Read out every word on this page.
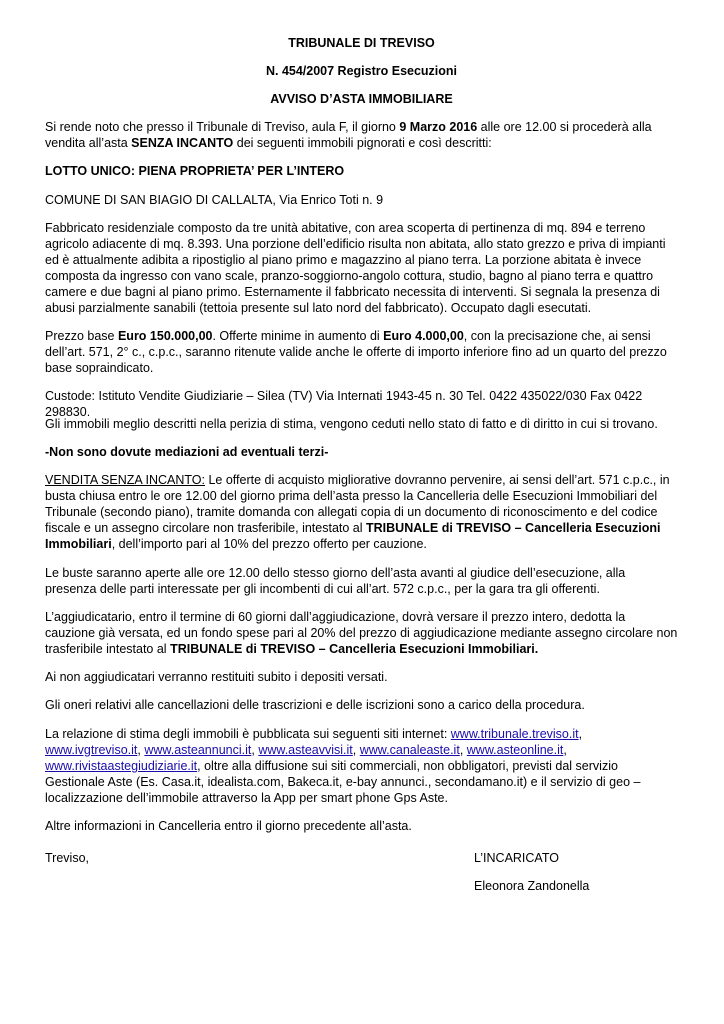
TRIBUNALE DI TREVISO

N. 454/2007 Registro Esecuzioni

AVVISO D’ASTA IMMOBILIARE

Si rende noto che presso il Tribunale di Treviso, aula F, il giorno 9 Marzo 2016 alle ore 12.00 si procederà alla vendita all’asta SENZA INCANTO dei seguenti immobili pignorati e così descritti:

LOTTO UNICO: PIENA PROPRIETA’ PER L’INTERO

COMUNE DI SAN BIAGIO DI CALLALTA, Via Enrico Toti n. 9

Fabbricato residenziale composto da tre unità abitative, con area scoperta di pertinenza di mq. 894 e terreno agricolo adiacente di mq. 8.393. Una porzione dell’edificio risulta non abitata, allo stato grezzo e priva di impianti ed è attualmente adibita a ripostiglio al piano primo e magazzino al piano terra. La porzione abitata è invece composta da ingresso con vano scale, pranzo-soggiorno-angolo cottura, studio, bagno al piano terra e quattro camere e due bagni al piano primo. Esternamente il fabbricato necessita di interventi. Si segnala la presenza di abusi parzialmente sanabili (tettoia presente sul lato nord del fabbricato). Occupato dagli esecutati.

Prezzo base Euro 150.000,00. Offerte minime in aumento di Euro 4.000,00, con la precisazione che, ai sensi dell’art. 571, 2° c., c.p.c., saranno ritenute valide anche le offerte di importo inferiore fino ad un quarto del prezzo base sopraindicato.

Custode: Istituto Vendite Giudiziarie – Silea (TV) Via Internati 1943-45 n. 30 Tel. 0422 435022/030 Fax 0422 298830.

Gli immobili meglio descritti nella perizia di stima, vengono ceduti nello stato di fatto e di diritto in cui si trovano.

-Non sono dovute mediazioni ad eventuali terzi-

VENDITA SENZA INCANTO: Le offerte di acquisto migliorative dovranno pervenire, ai sensi dell’art. 571 c.p.c., in busta chiusa entro le ore 12.00 del giorno prima dell’asta presso la Cancelleria delle Esecuzioni Immobiliari del Tribunale (secondo piano), tramite domanda con allegati copia di un documento di riconoscimento e del codice fiscale e un assegno circolare non trasferibile, intestato al TRIBUNALE di TREVISO – Cancelleria Esecuzioni Immobiliari, dell’importo pari al 10% del prezzo offerto per cauzione.

Le buste saranno aperte alle ore 12.00 dello stesso giorno dell’asta avanti al giudice dell’esecuzione, alla presenza delle parti interessate per gli incombenti di cui all’art. 572 c.p.c., per la gara tra gli offerenti.

L’aggiudicatario, entro il termine di 60 giorni dall’aggiudicazione, dovrà versare il prezzo intero, dedotta la cauzione già versata, ed un fondo spese pari al 20% del prezzo di aggiudicazione mediante assegno circolare non trasferibile intestato al TRIBUNALE di TREVISO – Cancelleria Esecuzioni Immobiliari.

Ai non aggiudicatari verranno restituiti subito i depositi versati.

Gli oneri relativi alle cancellazioni delle trascrizioni e delle iscrizioni sono a carico della procedura.

La relazione di stima degli immobili è pubblicata sui seguenti siti internet: www.tribunale.treviso.it, www.ivgtreviso.it, www.asteannunci.it, www.asteavvisi.it, www.canaleaste.it, www.asteonline.it, www.rivistaastegiudiziarie.it, oltre alla diffusione sui siti commerciali, non obbligatori, previsti dal servizio Gestionale Aste (Es. Casa.it, idealista.com, Bakeca.it, e-bay annunci., secondamano.it) e il servizio di geo – localizzazione dell’immobile attraverso la App per smart phone Gps Aste.

Altre informazioni in Cancelleria entro il giorno precedente all’asta.

Treviso,	L’INCARICATO

Eleonora Zandonella
